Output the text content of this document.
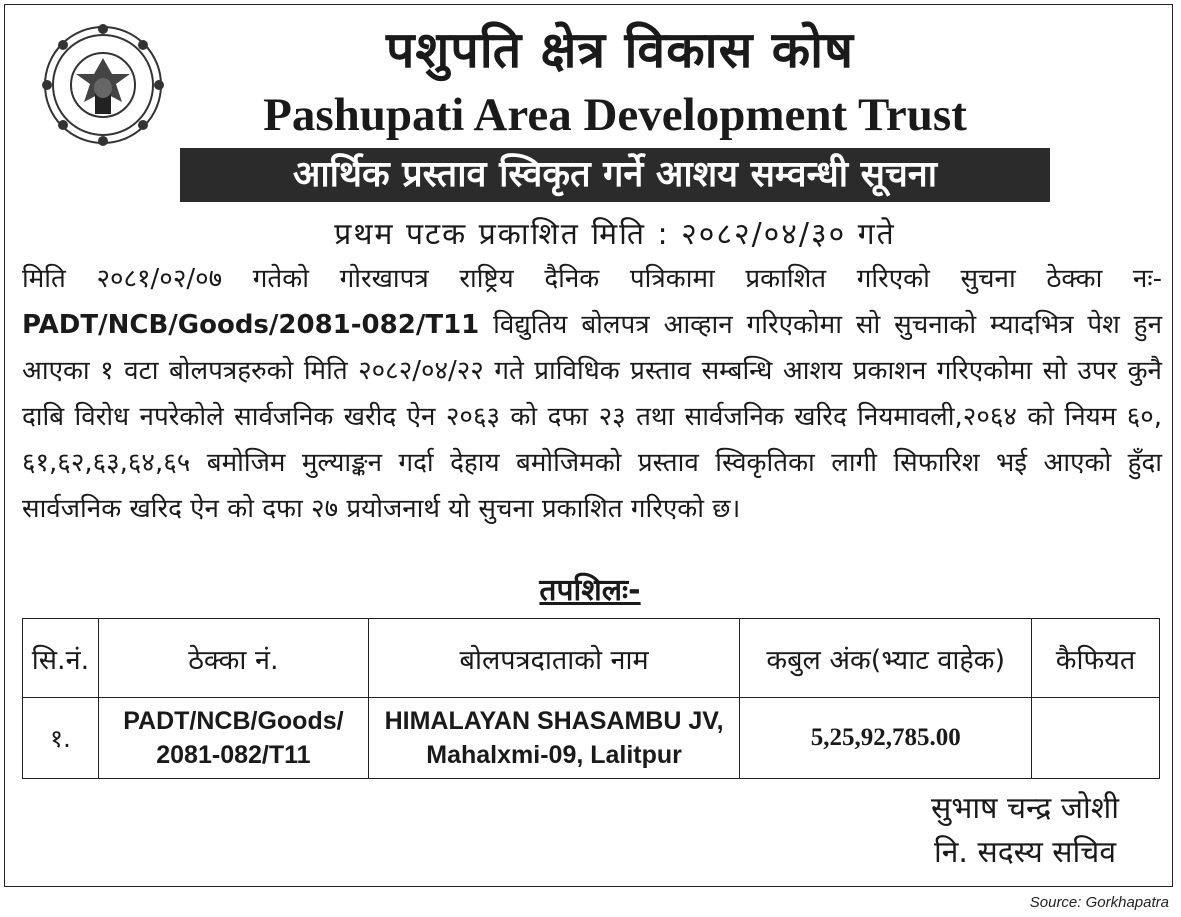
पशुपति क्षेत्र विकास कोष
Pashupati Area Development Trust
आर्थिक प्रस्ताव स्विकृत गर्ने आशय सम्वन्धी सूचना
प्रथम पटक प्रकाशित मिति : २०८२/०४/३० गते
मिति २०८१/०२/०७ गतेको गोरखापत्र राष्ट्रिय दैनिक पत्रिकामा प्रकाशित गरिएको सुचना ठेक्का नः- PADT/NCB/Goods/2081-082/T11 विद्युतिय बोलपत्र आव्हान गरिएकोमा सो सुचनाको म्यादभित्र पेश हुन आएका १ वटा बोलपत्रहरुको मिति २०८२/०४/२२ गते प्राविधिक प्रस्ताव सम्बन्धि आशय प्रकाशन गरिएकोमा सो उपर कुनै दाबि विरोध नपरेकोले सार्वजनिक खरीद ऐन २०६३ को दफा २३ तथा सार्वजनिक खरिद नियमावली,२०६४ को नियम ६०, ६१,६२,६३,६४,६५ बमोजिम मुल्याङ्कन गर्दा देहाय बमोजिमको प्रस्ताव स्विकृतिका लागी सिफारिश भई आएको हुँदा सार्वजनिक खरिद ऐन को दफा २७ प्रयोजनार्थ यो सुचना प्रकाशित गरिएको छ।
तपशिलः-
सि.नं.	ठेक्का नं.	बोलपत्रदाताको नाम	कबुल अंक(भ्याट वाहेक)	कैफियत
१.	PADT/NCB/Goods/ 2081-082/T11	HIMALAYAN SHASAMBU JV, Mahalxmi-09, Lalitpur	5,25,92,785.00	
सुभाष चन्द्र जोशी
नि. सदस्य सचिव
Source: Gorkhapatra
